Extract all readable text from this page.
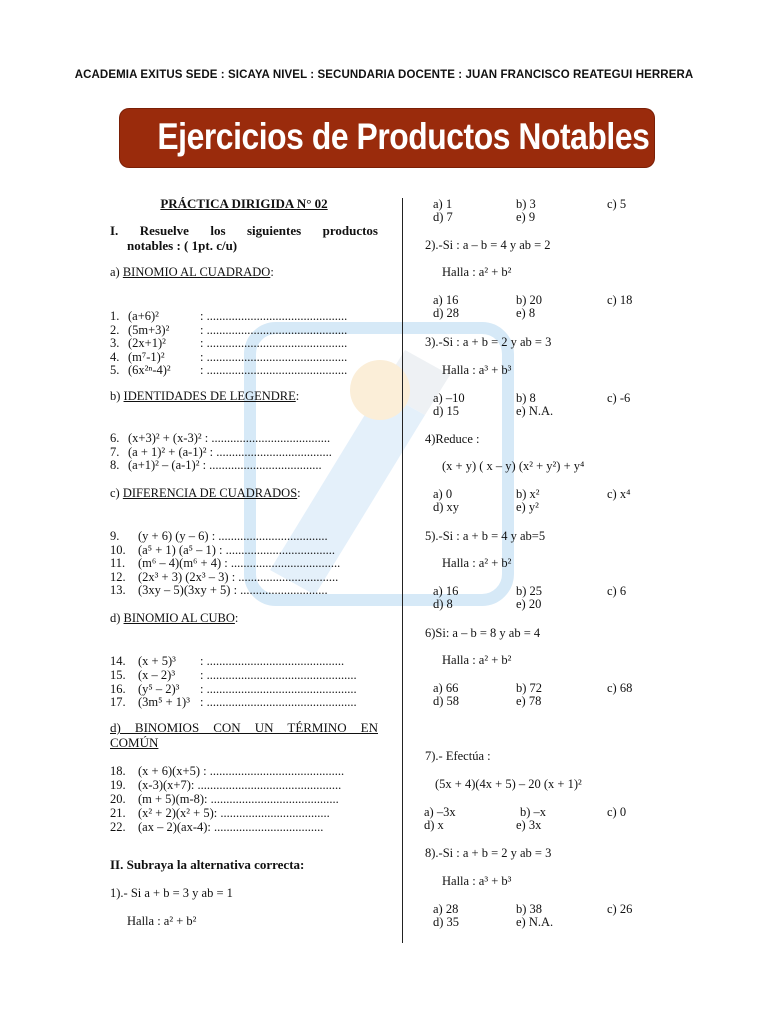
ACADEMIA EXITUS SEDE : SICAYA NIVEL : SECUNDARIA DOCENTE : JUAN FRANCISCO REATEGUI HERRERA
Ejercicios de Productos Notables
PRÁCTICA DIRIGIDA N° 02
I. Resuelve los siguientes productos
notables : ( 1pt. c/u)
a) BINOMIO AL CUADRADO:
1. (a+6)²	: .............................................
2. (5m+3)² : .............................................
3. (2x+1)²	: .............................................
4. (m⁷-1)²	: .............................................
5. (6x²ⁿ-4)² : .............................................
b) IDENTIDADES DE LEGENDRE:
6. (x+3)² + (x-3)² : ......................................
7. (a + 1)² + (a-1)² : .....................................
8. (a+1)² – (a-1)² : ....................................
c) DIFERENCIA DE CUADRADOS:
9. (y + 6) (y – 6) : ...................................
10. (a⁵ + 1) (a⁵ – 1) : ...................................
11. (m⁶ – 4)(m⁶ + 4) : ...................................
12. (2x³ + 3) (2x³ – 3) : ................................
13. (3xy – 5)(3xy + 5) : ............................
d) BINOMIO AL CUBO:
14. (x + 5)³ : ............................................
15. (x – 2)³ : ................................................
16. (y⁵ – 2)³ : ................................................
17. (3m⁵ + 1)³ : ................................................
d) BINOMIOS CON UN TÉRMINO EN
COMÚN
18. (x + 6)(x+5) : ...........................................
19. (x-3)(x+7): ..............................................
20. (m + 5)(m-8): .........................................
21. (x² + 2)(x² + 5): ...................................
22. (ax – 2)(ax-4): ...................................
II. Subraya la alternativa correcta:
1).- Si a + b = 3 y ab = 1
Halla : a² + b²
a) 1	b) 3	c) 5
d) 7	e) 9
2).-Si : a – b = 4 y ab = 2
Halla : a² + b²
a) 16	b) 20	c) 18
d) 28	e) 8
3).-Si : a + b = 2 y ab = 3
Halla : a³ + b³
a) –10	b) 8	c) -6
d) 15	e) N.A.
4)Reduce :
(x + y) ( x – y) (x² + y²) + y⁴
a) 0	b) x²	c) x⁴
d) xy	e) y²
5).-Si : a + b = 4 y ab=5
Halla : a² + b²
a) 16	b) 25	c) 6
d) 8	e) 20
6)Si: a – b = 8 y ab = 4
Halla : a² + b²
a) 66	b) 72	c) 68
d) 58	e) 78
7).- Efectúa :
(5x + 4)(4x + 5) – 20 (x + 1)²
a) –3x	b) –x	c) 0
d) x	e) 3x
8).-Si : a + b = 2 y ab = 3
Halla : a³ + b³
a) 28	b) 38	c) 26
d) 35	e) N.A.
